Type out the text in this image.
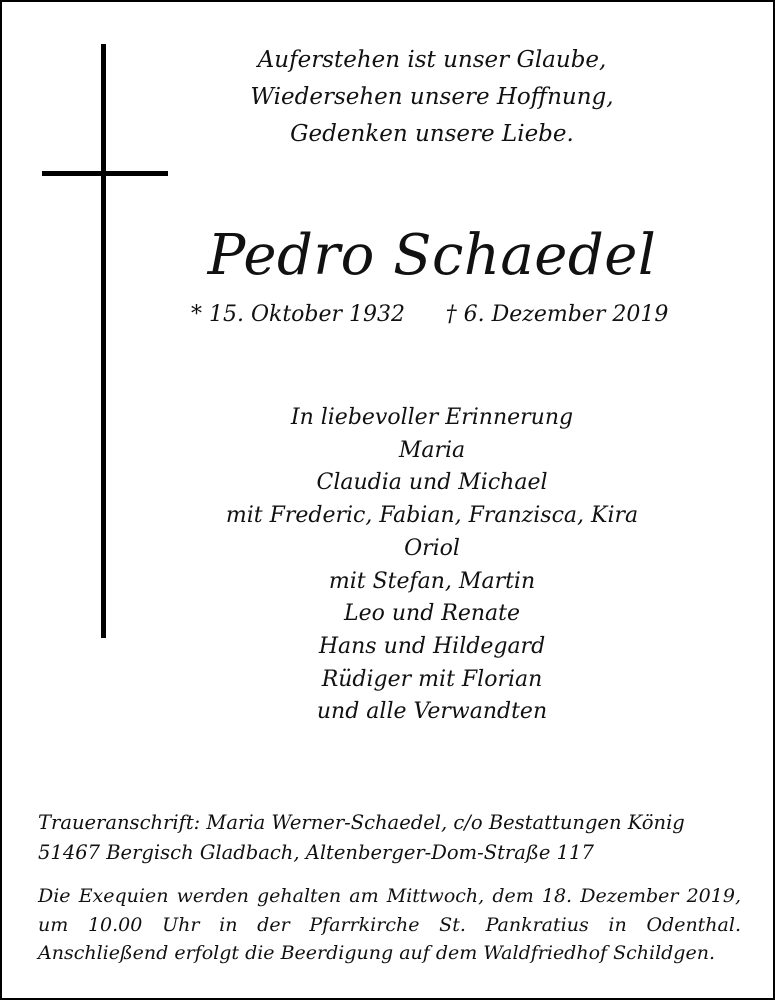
Auferstehen ist unser Glaube,
Wiedersehen unsere Hoffnung,
Gedenken unsere Liebe.
Pedro Schaedel
* 15. Oktober 1932	† 6. Dezember 2019
In liebevoller Erinnerung
Maria
Claudia und Michael
mit Frederic, Fabian, Franzisca, Kira
Oriol
mit Stefan, Martin
Leo und Renate
Hans und Hildegard
Rüdiger mit Florian
und alle Verwandten
Traueranschrift: Maria Werner-Schaedel, c/o Bestattungen König
51467 Bergisch Gladbach, Altenberger-Dom-Straße 117
Die Exequien werden gehalten am Mittwoch, dem 18. Dezember 2019, um 10.00 Uhr in der Pfarrkirche St. Pankratius in Odenthal. Anschließend erfolgt die Beerdigung auf dem Waldfriedhof Schildgen.
